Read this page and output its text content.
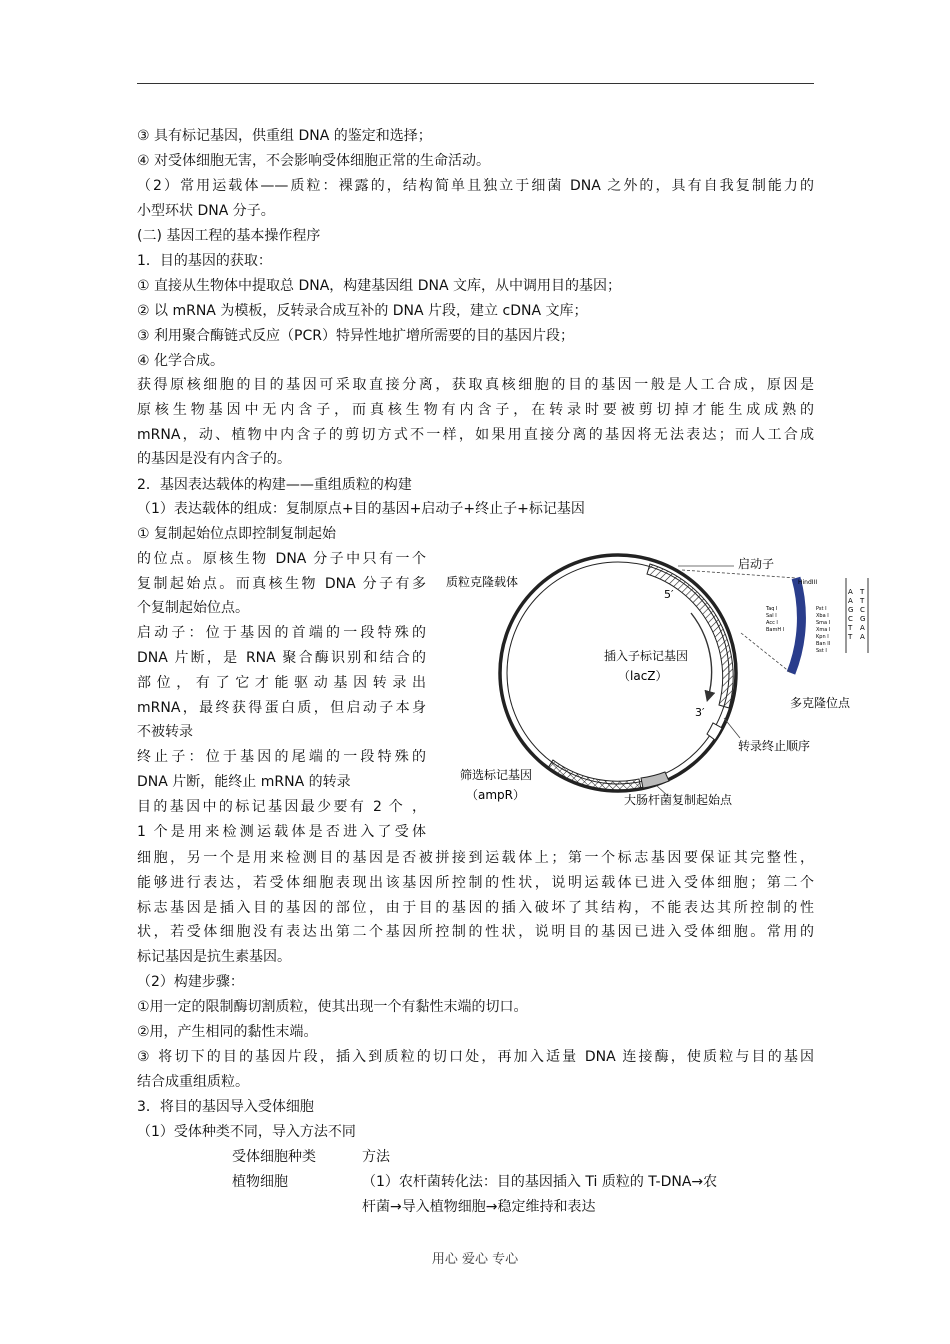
③ 具有标记基因，供重组 DNA 的鉴定和选择；
④ 对受体细胞无害，不会影响受体细胞正常的生命活动。
（2）常用运载体——质粒：裸露的，结构简单且独立于细菌 DNA 之外的，具有自我复制能力的
小型环状 DNA 分子。
(二) 基因工程的基本操作程序
1．目的基因的获取：
① 直接从生物体中提取总 DNA，构建基因组 DNA 文库，从中调用目的基因；
② 以 mRNA 为模板，反转录合成互补的 DNA 片段，建立 cDNA 文库；
③ 利用聚合酶链式反应（PCR）特异性地扩增所需要的目的基因片段；
④ 化学合成。
获得原核细胞的目的基因可采取直接分离，获取真核细胞的目的基因一般是人工合成，原因是
原核生物基因中无内含子，而真核生物有内含子，在转录时要被剪切掉才能生成成熟的
mRNA，动、植物中内含子的剪切方式不一样，如果用直接分离的基因将无法表达；而人工合成
的基因是没有内含子的。
2．基因表达载体的构建——重组质粒的构建
（1）表达载体的组成：复制原点+目的基因+启动子+终止子+标记基因
① 复制起始位点即控制复制起始
的位点。原核生物 DNA 分子中只有一个
复制起始点。而真核生物 DNA 分子有多
个复制起始位点。
启动子：位于基因的首端的一段特殊的
DNA 片断，是 RNA 聚合酶识别和结合的
部位，有了它才能驱动基因转录出
mRNA，最终获得蛋白质，但启动子本身
不被转录
终止子：位于基因的尾端的一段特殊的
DNA 片断，能终止 mRNA 的转录
目的基因中的标记基因最少要有 2 个 ，
1 个是用来检测运载体是否进入了受体
质粒克隆载体
启动子
插入子标记基因
（lacZ）
多克隆位点
转录终止顺序
大肠杆菌复制起始点
筛选标记基因
（ampR）
5′
3′
HindIII
Taq I
Sal I
Acc I
BamH I
Pst I
Xba I
Sma I
Xma I
Kpn I
Ban II
Sst I
A
A
G
C
T
T
T
T
C
G
A
A
细胞，另一个是用来检测目的基因是否被拼接到运载体上；第一个标志基因要保证其完整性，
能够进行表达，若受体细胞表现出该基因所控制的性状，说明运载体已进入受体细胞；第二个
标志基因是插入目的基因的部位，由于目的基因的插入破坏了其结构，不能表达其所控制的性
状，若受体细胞没有表达出第二个基因所控制的性状，说明目的基因已进入受体细胞。常用的
标记基因是抗生素基因。
（2）构建步骤：
①用一定的限制酶切割质粒，使其出现一个有黏性末端的切口。
②用，产生相同的黏性末端。
③ 将切下的目的基因片段，插入到质粒的切口处，再加入适量 DNA 连接酶，使质粒与目的基因
结合成重组质粒。
3．将目的基因导入受体细胞
（1）受体种类不同，导入方法不同
受体细胞种类	方法
植物细胞	（1）农杆菌转化法：目的基因插入 Ti 质粒的 T-DNA→农
杆菌→导入植物细胞→稳定维持和表达
用心 爱心 专心
